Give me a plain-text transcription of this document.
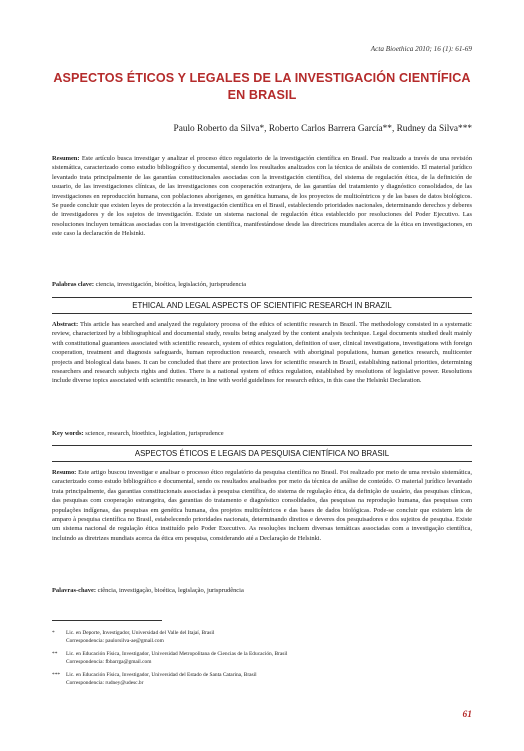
Acta Bioethica 2010; 16 (1): 61-69
ASPECTOS ÉTICOS Y LEGALES DE LA INVESTIGACIÓN CIENTÍFICA EN BRASIL
Paulo Roberto da Silva*, Roberto Carlos Barrera García**, Rudney da Silva***
Resumen: Este artículo busca investigar y analizar el proceso ético regulatorio de la investigación científica en Brasil. Fue realizado a través de una revisión sistemática, caracterizado como estudio bibliográfico y documental, siendo los resultados analizados con la técnica de análisis de contenido. El material jurídico levantado trata principalmente de las garantías constitucionales asociadas con la investigación científica, del sistema de regulación ética, de la definición de usuario, de las investigaciones clínicas, de las investigaciones con cooperación extranjera, de las garantías del tratamiento y diagnóstico consolidados, de las investigaciones en reproducción humana, con poblaciones aborígenes, en genética humana, de los proyectos de multicéntricos y de las bases de datos biológicos. Se puede concluir que existen leyes de protección a la investigación científica en el Brasil, estableciendo prioridades nacionales, determinando derechos y deberes de investigadores y de los sujetos de investigación. Existe un sistema nacional de regulación ética establecido por resoluciones del Poder Ejecutivo. Las resoluciones incluyen temáticas asociadas con la investigación científica, manifestándose desde las directrices mundiales acerca de la ética en investigaciones, en este caso la declaración de Helsinki.
Palabras clave: ciencia, investigación, bioética, legislación, jurisprudencia
ETHICAL AND LEGAL ASPECTS OF SCIENTIFIC RESEARCH IN BRAZIL
Abstract: This article has searched and analyzed the regulatory process of the ethics of scientific research in Brazil. The methodology consisted in a systematic review, characterized by a bibliographical and documental study, results being analyzed by the content analysis technique. Legal documents studied dealt mainly with constitutional guarantees associated with scientific research, system of ethics regulation, definition of user, clinical investigations, investigations with foreign cooperation, treatment and diagnosis safeguards, human reproduction research, research with aboriginal populations, human genetics research, multicenter projects and biological data bases. It can be concluded that there are protection laws for scientific research in Brazil, establishing national priorities, determining researchers and research subjects rights and duties. There is a national system of ethics regulation, established by resolutions of legislative power. Resolutions include diverse topics associated with scientific research, in line with world guidelines for research ethics, in this case the Helsinki Declaration.
Key words: science, research, bioethics, legislation, jurisprudence
ASPECTOS ÉTICOS E LEGAIS DA PESQUISA CIENTÍFICA NO BRASIL
Resumo: Este artigo buscou investigar e analisar o processo ético regulatório da pesquisa científica no Brasil. Foi realizado por meio de uma revisão sistemática, caracterizado como estudo bibliográfico e documental, sendo os resultados analisados por meio da técnica de análise de conteúdo. O material jurídico levantado trata principalmente, das garantias constitucionais associadas à pesquisa científica, do sistema de regulação ética, da definição de usuário, das pesquisas clínicas, das pesquisas com cooperação estrangeira, das garantias do tratamento e diagnóstico consolidados, das pesquisas na reprodução humana, das pesquisas com populações indígenas, das pesquisas em genética humana, dos projetos multicêntricos e das bases de dados biológicas. Pode-se concluir que existem leis de amparo à pesquisa científica no Brasil, estabelecendo prioridades nacionais, determinando direitos e deveres dos pesquisadores e dos sujeitos de pesquisa. Existe um sistema nacional de regulação ética instituído pelo Poder Executivo. As resoluções incluem diversas temáticas associadas com a investigação científica, incluindo as diretrizes mundiais acerca da ética em pesquisa, considerando até a Declaração de Helsinki.
Palavras-chave: ciência, investigação, bioética, legislação, jurisprudência
* Lic. en Deporte, Investigador, Universidad del Valle del Itajaí, Brasil
Correspondencia: paulorsilva-ae@gmail.com
** Lic. en Educación Física, Investigador, Universidad Metropolitana de Ciencias de la Educación, Brasil
Correspondencia: fbbarrga@gmail.com
*** Lic. en Educación Física, Investigador, Universidad del Estado de Santa Catarina, Brasil
Correspondencia: rudney@udesc.br
61
